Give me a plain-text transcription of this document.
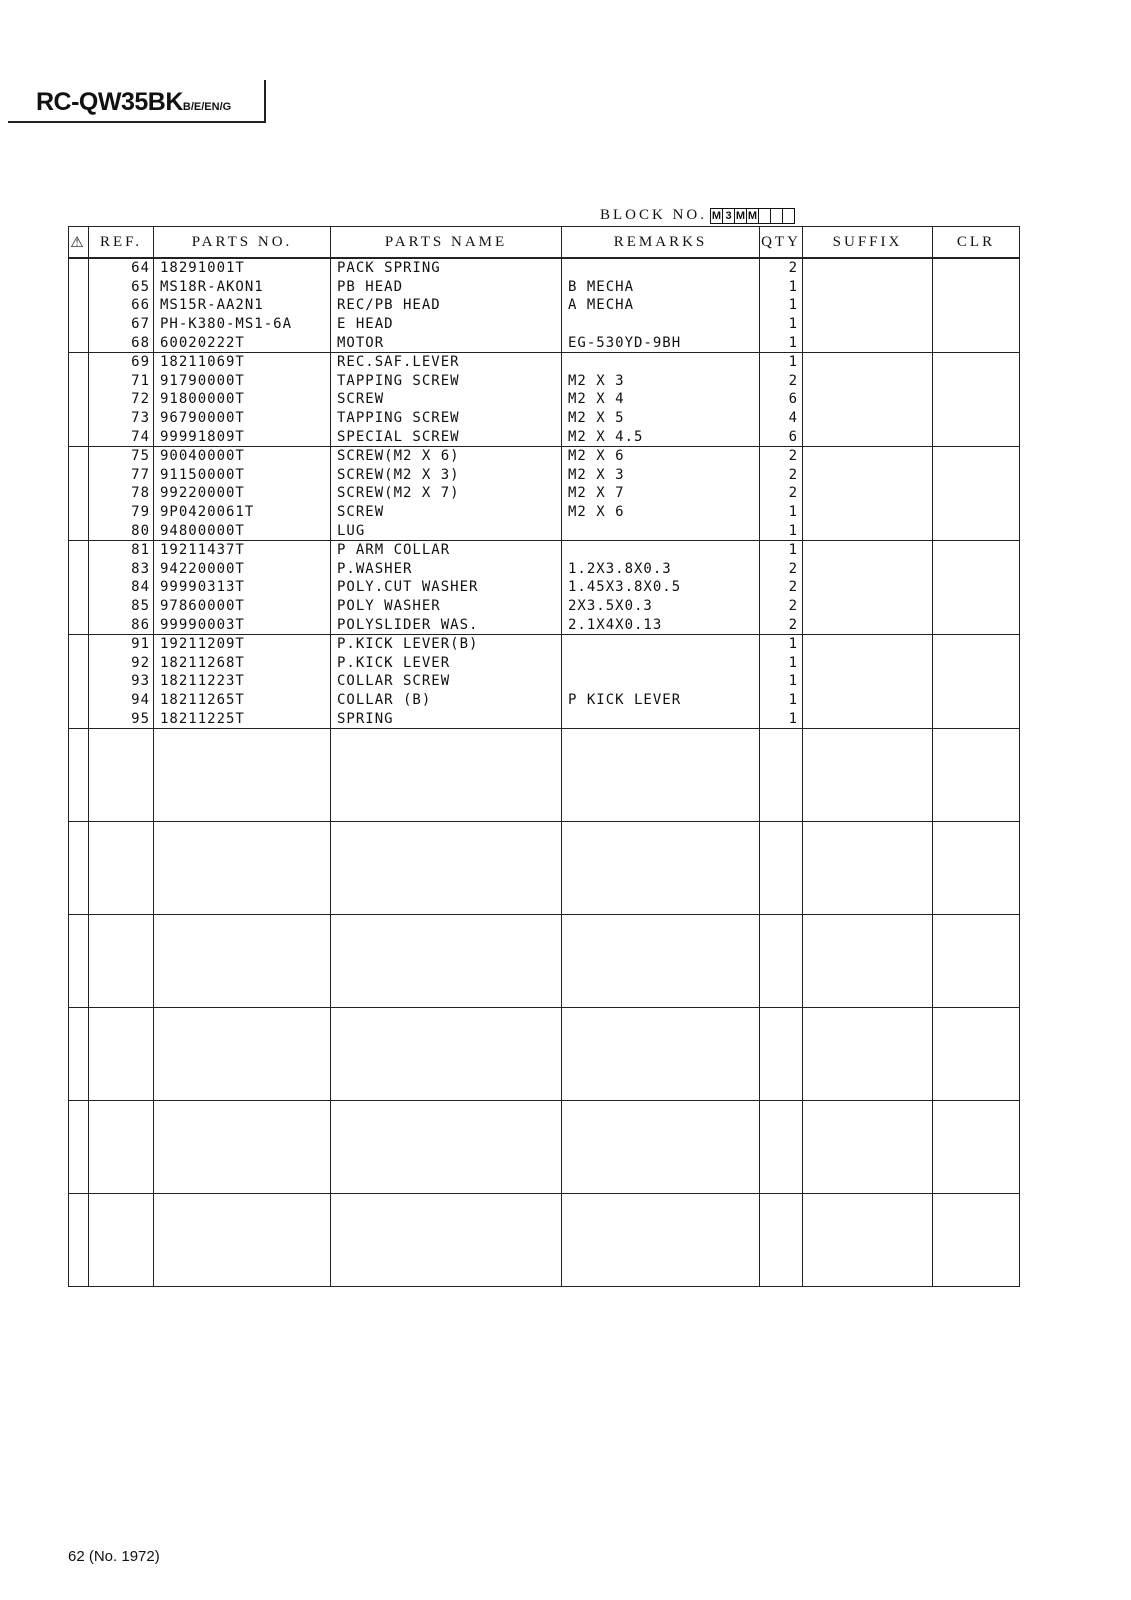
RC-QW35BKB/E/EN/G
BLOCK NO. M 3 M M
⚠	REF.	PARTS NO.	PARTS NAME	REMARKS	QTY	SUFFIX	CLR
	64	18291001T	PACK SPRING		2		
	65	MS18R-AKON1	PB HEAD	B MECHA	1		
	66	MS15R-AA2N1	REC/PB HEAD	A MECHA	1		
	67	PH-K380-MS1-6A	E HEAD		1		
	68	60020222T	MOTOR	EG-530YD-9BH	1		
	69	18211069T	REC.SAF.LEVER		1		
	71	91790000T	TAPPING SCREW	M2 X 3	2		
	72	91800000T	SCREW	M2 X 4	6		
	73	96790000T	TAPPING SCREW	M2 X 5	4		
	74	99991809T	SPECIAL SCREW	M2 X 4.5	6		
	75	90040000T	SCREW(M2 X 6)	M2 X 6	2		
	77	91150000T	SCREW(M2 X 3)	M2 X 3	2		
	78	99220000T	SCREW(M2 X 7)	M2 X 7	2		
	79	9P0420061T	SCREW	M2 X 6	1		
	80	94800000T	LUG		1		
	81	19211437T	P ARM COLLAR		1		
	83	94220000T	P.WASHER	1.2X3.8X0.3	2		
	84	99990313T	POLY.CUT WASHER	1.45X3.8X0.5	2		
	85	97860000T	POLY WASHER	2X3.5X0.3	2		
	86	99990003T	POLYSLIDER WAS.	2.1X4X0.13	2		
	91	19211209T	P.KICK LEVER(B)		1		
	92	18211268T	P.KICK LEVER		1		
	93	18211223T	COLLAR SCREW		1		
	94	18211265T	COLLAR (B)	P KICK LEVER	1		
	95	18211225T	SPRING		1		

62 (No. 1972)
